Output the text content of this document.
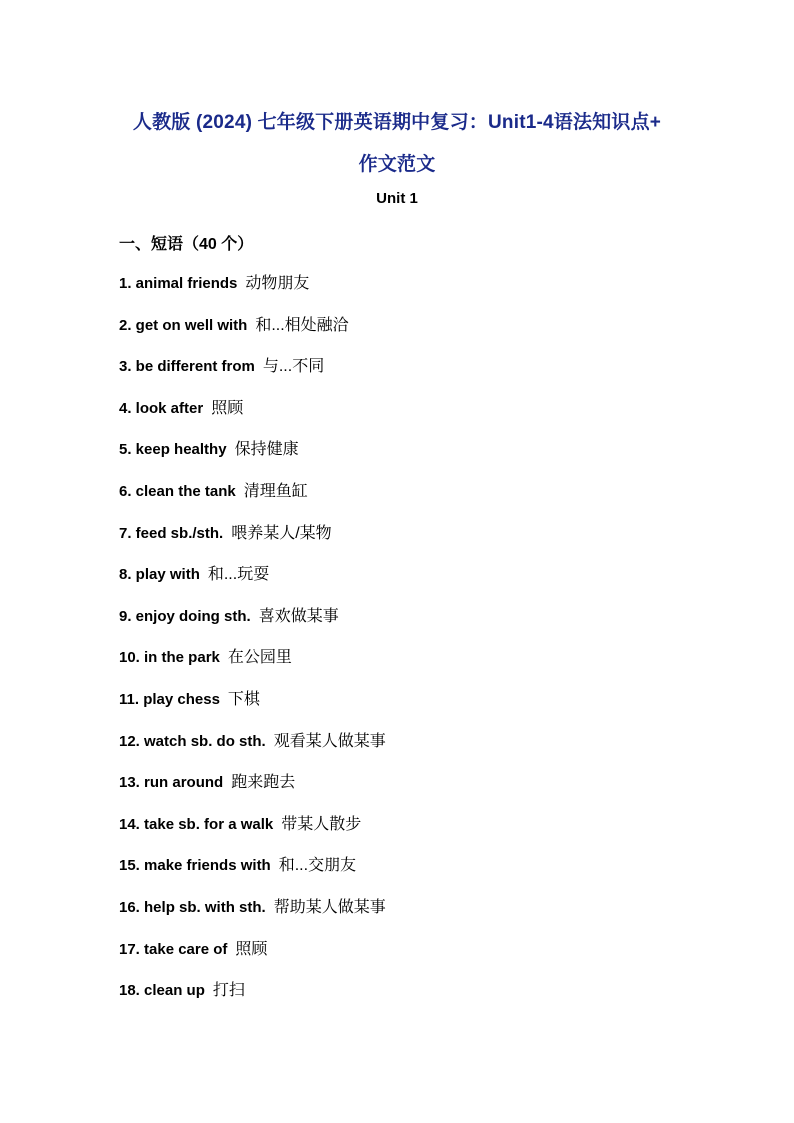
人教版 (2024) 七年级下册英语期中复习：Unit1-4语法知识点+
作文范文
Unit 1
一、短语（40 个）
1. animal friends 动物朋友
2. get on well with 和...相处融洽
3. be different from 与...不同
4. look after 照顾
5. keep healthy 保持健康
6. clean the tank 清理鱼缸
7. feed sb./sth. 喂养某人/某物
8. play with 和...玩耍
9. enjoy doing sth. 喜欢做某事
10. in the park 在公园里
11. play chess 下棋
12. watch sb. do sth. 观看某人做某事
13. run around 跑来跑去
14. take sb. for a walk 带某人散步
15. make friends with 和...交朋友
16. help sb. with sth. 帮助某人做某事
17. take care of 照顾
18. clean up 打扫
